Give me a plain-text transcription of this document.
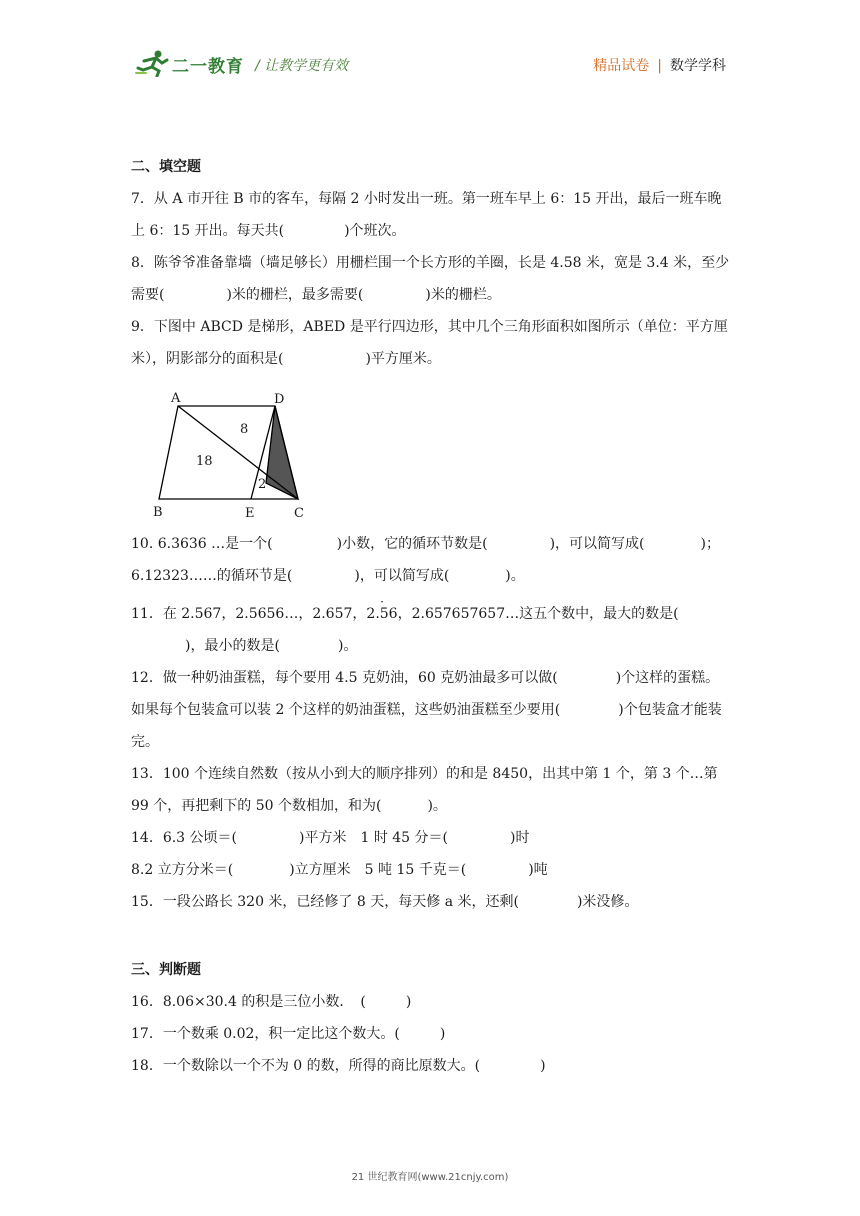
二一教育 / 让教学更有效	精品试卷 | 数学学科
二、填空题
7．从 A 市开往 B 市的客车，每隔 2 小时发出一班。第一班车早上 6：15 开出，最后一班车晚上 6：15 开出。每天共(	)个班次。
8．陈爷爷准备靠墙（墙足够长）用栅栏围一个长方形的羊圈，长是 4.58 米，宽是 3.4 米，至少需要(	)米的栅栏，最多需要(	)米的栅栏。
9．下图中 ABCD 是梯形，ABED 是平行四边形，其中几个三角形面积如图所示（单位：平方厘米），阴影部分的面积是(	)平方厘米。
A	D
B	E	C
8
18
2
10. 6.3636 …是一个(	)小数，它的循环节数是(	)，可以简写成(	)；
6.12323……的循环节是(	)，可以简写成(	)。
11．在 2.567，2.5656…，2.657，
·
2.56，2.657657657…这五个数中，最大的数是()，最小的数是(	)。
12．做一种奶油蛋糕，每个要用 4.5 克奶油，60 克奶油最多可以做(	)个这样的蛋糕。如果每个包装盒可以装 2 个这样的奶油蛋糕，这些奶油蛋糕至少要用(	)个包装盒才能装完。
13．100 个连续自然数（按从小到大的顺序排列）的和是 8450，出其中第 1 个，第 3 个…第 99 个，再把剩下的 50 个数相加，和为(	)。
14．6.3 公顷＝(	)平方米　1 时 45 分＝(	)时
8.2 立方分米＝(	)立方厘米　5 吨 15 千克＝(	)吨
15．一段公路长 320 米，已经修了 8 天，每天修 a 米，还剩(	)米没修。
三、判断题
16．8.06×30.4 的积是三位小数．　(	)
17．一个数乘 0.02，积一定比这个数大。(	)
18．一个数除以一个不为 0 的数，所得的商比原数大。(	)
21 世纪教育网(www.21cnjy.com)
